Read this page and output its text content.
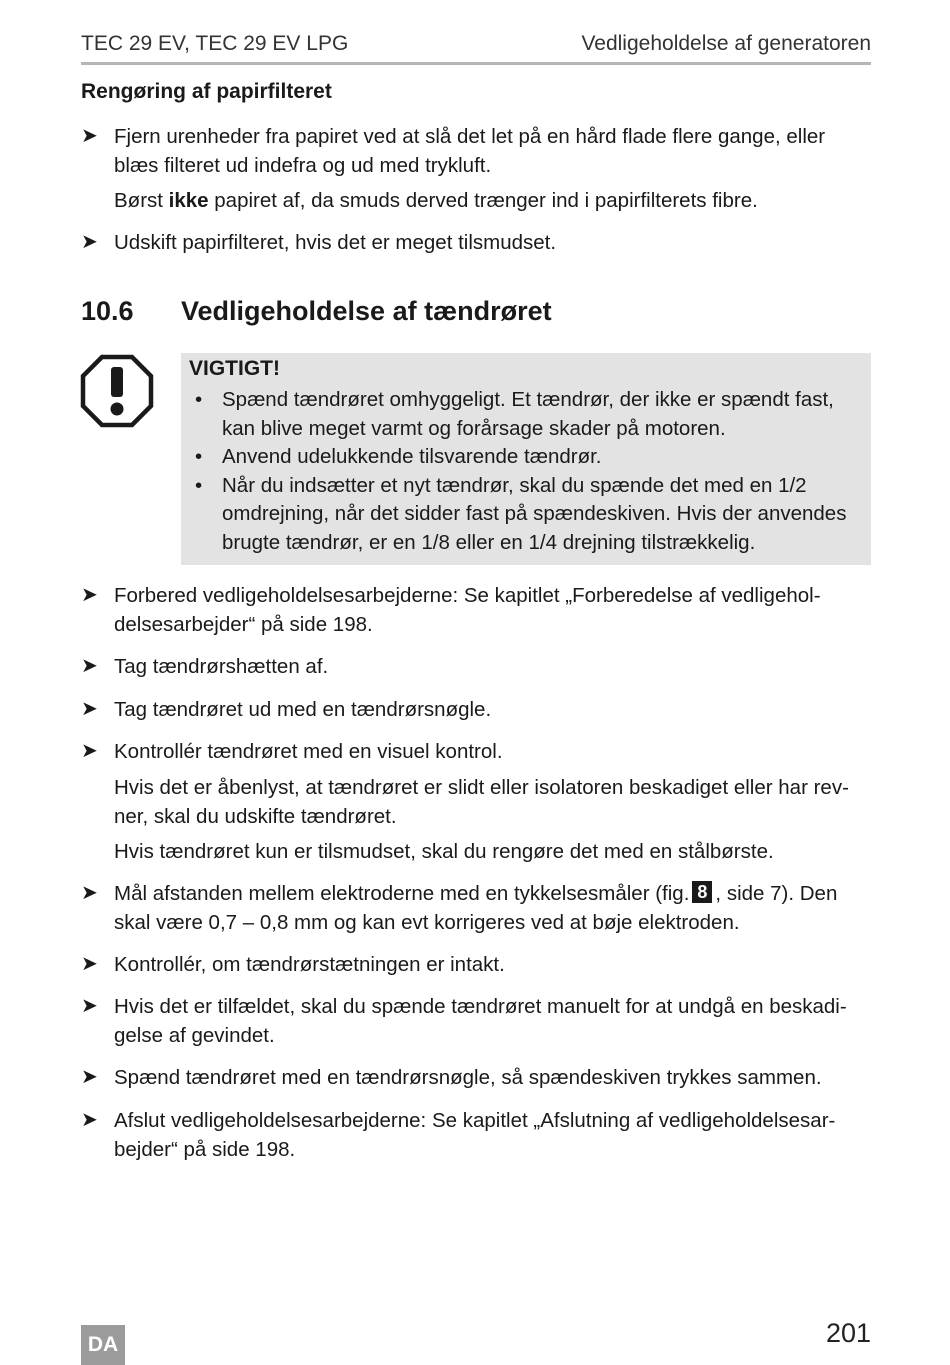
TEC 29 EV, TEC 29 EV LPG	Vedligeholdelse af generatoren
Rengøring af papirfilteret
➤ Fjern urenheder fra papiret ved at slå det let på en hård flade flere gange, eller blæs filteret ud indefra og ud med trykluft.
Børst ikke papiret af, da smuds derved trænger ind i papirfilterets fibre.
➤ Udskift papirfilteret, hvis det er meget tilsmudset.
10.6 Vedligeholdelse af tændrøret
VIGTIGT!
• Spænd tændrøret omhyggeligt. Et tændrør, der ikke er spændt fast, kan blive meget varmt og forårsage skader på motoren.
• Anvend udelukkende tilsvarende tændrør.
• Når du indsætter et nyt tændrør, skal du spænde det med en 1/2 omdrejning, når det sidder fast på spændeskiven. Hvis der anvendes brugte tændrør, er en 1/8 eller en 1/4 drejning tilstrækkelig.
➤ Forbered vedligeholdelsesarbejderne: Se kapitlet „Forberedelse af vedligeholdelsesarbejder“ på side 198.
➤ Tag tændrørshætten af.
➤ Tag tændrøret ud med en tændrørsnøgle.
➤ Kontrollér tændrøret med en visuel kontrol.
Hvis det er åbenlyst, at tændrøret er slidt eller isolatoren beskadiget eller har revner, skal du udskifte tændrøret.
Hvis tændrøret kun er tilsmudset, skal du rengøre det med en stålbørste.
➤ Mål afstanden mellem elektroderne med en tykkelsesmåler (fig. 8 , side 7). Den skal være 0,7 – 0,8 mm og kan evt korrigeres ved at bøje elektroden.
➤ Kontrollér, om tændrørstætningen er intakt.
➤ Hvis det er tilfældet, skal du spænde tændrøret manuelt for at undgå en beskadigelse af gevindet.
➤ Spænd tændrøret med en tændrørsnøgle, så spændeskiven trykkes sammen.
➤ Afslut vedligeholdelsesarbejderne: Se kapitlet „Afslutning af vedligeholdelsesarbejder“ på side 198.
DA	201
